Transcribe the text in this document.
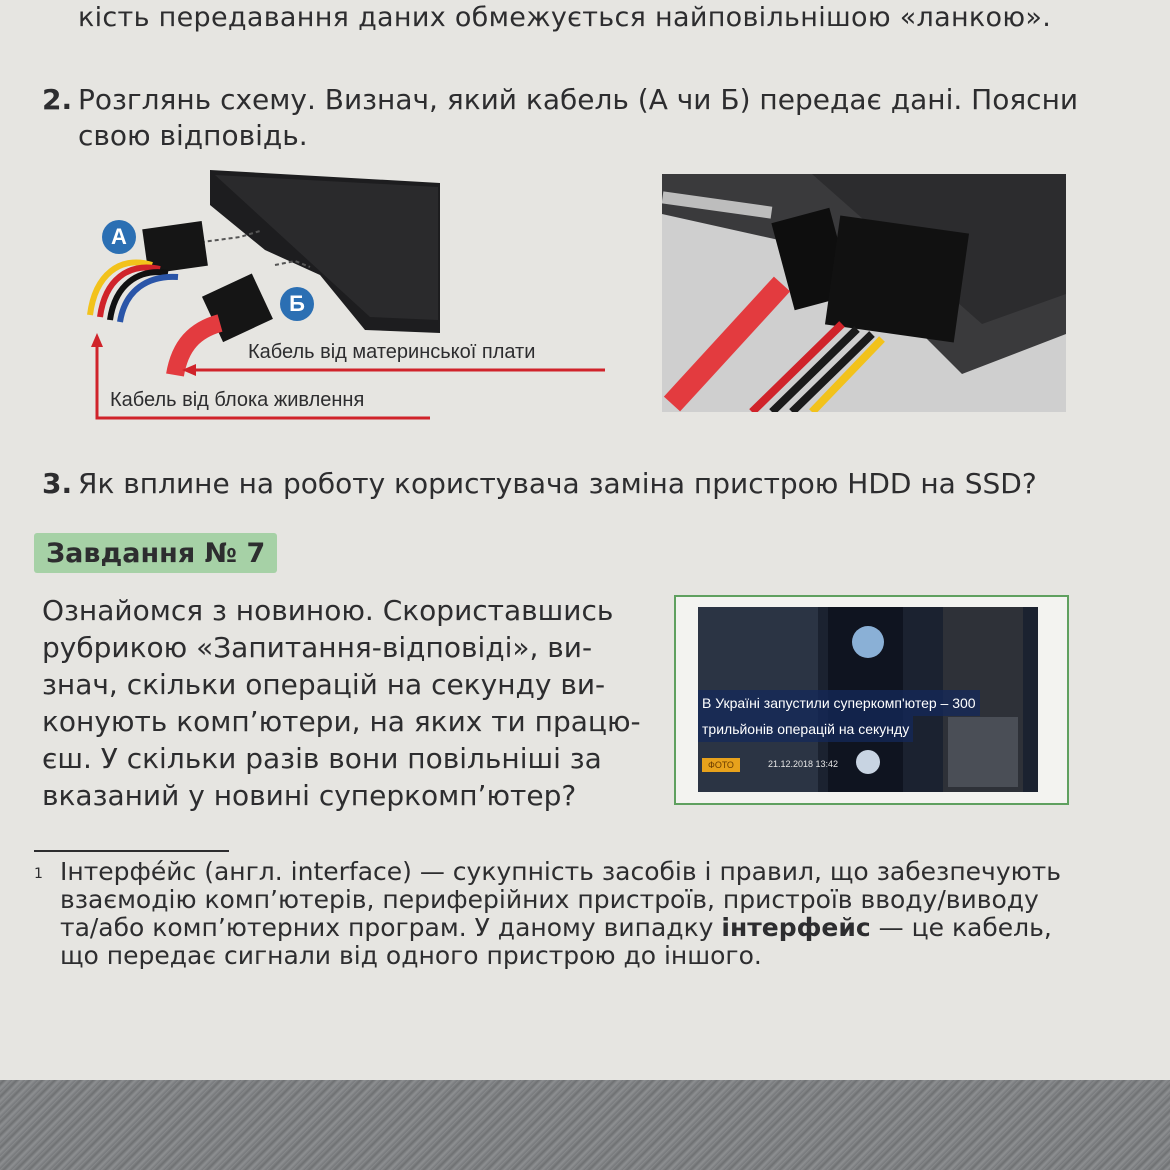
кість передавання даних обмежується найповільнішою «ланкою».
2. Розглянь схему. Визнач, який кабель (А чи Б) передає дані. Поясни
свою відповідь.
А
Б
Кабель від материнської плати
Кабель від блока живлення
3. Як вплине на роботу користувача заміна пристрою HDD на SSD?
Завдання № 7
Ознайомся з новиною. Скориставшись
рубрикою «Запитання-відповіді», ви-
знач, скільки операцій на секунду ви-
конують комп’ютери, на яких ти працю-
єш. У скільки разів вони повільніші за
вказаний у новині суперкомп’ютер?
В Україні запустили суперкомп'ютер – 300
трильйонів операцій на секунду
ФОТО	21.12.2018 13:42
1 Інтерфе́йс (англ. interface) — сукупність засобів і правил, що забезпечують
взаємодію комп’ютерів, периферійних пристроїв, пристроїв вводу/виводу
та/або комп’ютерних програм. У даному випадку інтерфейс — це кабель,
що передає сигнали від одного пристрою до іншого.
